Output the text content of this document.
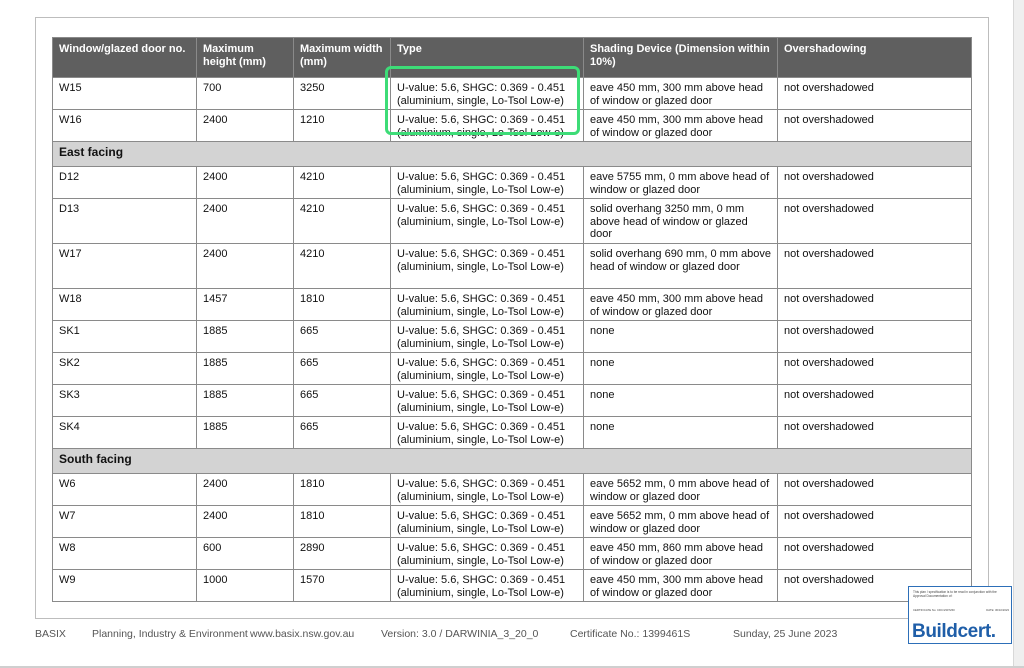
Window/glazed door no.	Maximum height (mm)	Maximum width (mm)	Type	Shading Device (Dimension within 10%)	Overshadowing
W15	700	3250	U-value: 5.6, SHGC: 0.369 - 0.451 (aluminium, single, Lo-Tsol Low-e)	eave 450 mm, 300 mm above head of window or glazed door	not overshadowed
W16	2400	1210	U-value: 5.6, SHGC: 0.369 - 0.451 (aluminium, single, Lo-Tsol Low-e)	eave 450 mm, 300 mm above head of window or glazed door	not overshadowed
East facing					
D12	2400	4210	U-value: 5.6, SHGC: 0.369 - 0.451 (aluminium, single, Lo-Tsol Low-e)	eave 5755 mm, 0 mm above head of window or glazed door	not overshadowed
D13	2400	4210	U-value: 5.6, SHGC: 0.369 - 0.451 (aluminium, single, Lo-Tsol Low-e)	solid overhang 3250 mm, 0 mm above head of window or glazed door	not overshadowed
W17	2400	4210	U-value: 5.6, SHGC: 0.369 - 0.451 (aluminium, single, Lo-Tsol Low-e)	solid overhang 690 mm, 0 mm above head of window or glazed door	not overshadowed
W18	1457	1810	U-value: 5.6, SHGC: 0.369 - 0.451 (aluminium, single, Lo-Tsol Low-e)	eave 450 mm, 300 mm above head of window or glazed door	not overshadowed
SK1	1885	665	U-value: 5.6, SHGC: 0.369 - 0.451 (aluminium, single, Lo-Tsol Low-e)	none	not overshadowed
SK2	1885	665	U-value: 5.6, SHGC: 0.369 - 0.451 (aluminium, single, Lo-Tsol Low-e)	none	not overshadowed
SK3	1885	665	U-value: 5.6, SHGC: 0.369 - 0.451 (aluminium, single, Lo-Tsol Low-e)	none	not overshadowed
SK4	1885	665	U-value: 5.6, SHGC: 0.369 - 0.451 (aluminium, single, Lo-Tsol Low-e)	none	not overshadowed
South facing					
W6	2400	1810	U-value: 5.6, SHGC: 0.369 - 0.451 (aluminium, single, Lo-Tsol Low-e)	eave 5652 mm, 0 mm above head of window or glazed door	not overshadowed
W7	2400	1810	U-value: 5.6, SHGC: 0.369 - 0.451 (aluminium, single, Lo-Tsol Low-e)	eave 5652 mm, 0 mm above head of window or glazed door	not overshadowed
W8	600	2890	U-value: 5.6, SHGC: 0.369 - 0.451 (aluminium, single, Lo-Tsol Low-e)	eave 450 mm, 860 mm above head of window or glazed door	not overshadowed
W9	1000	1570	U-value: 5.6, SHGC: 0.369 - 0.451 (aluminium, single, Lo-Tsol Low-e)	eave 450 mm, 300 mm above head of window or glazed door	not overshadowed
BASIX Planning, Industry & Environment www.basix.nsw.gov.au	Version: 3.0 / DARWINIA_3_20_0	Certificate No.: 1399461S	Sunday, 25 June 2023
This plan / specification is to be read in conjunction with the Approval Documentation of:
CERTIFICATE No: CDC/2307260	DATE: 30/10/2023
Buildcert.
